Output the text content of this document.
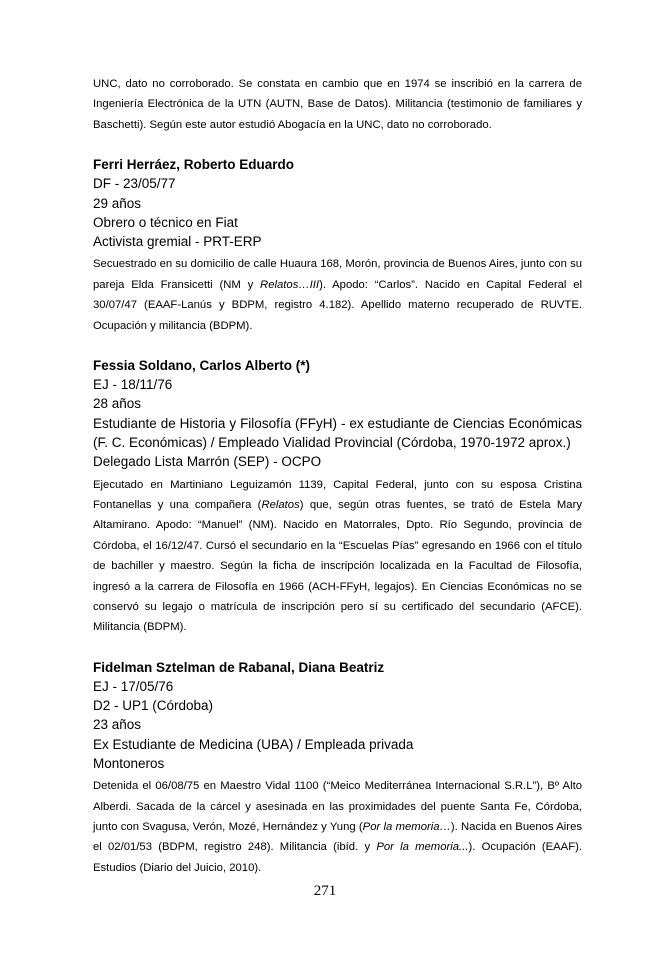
UNC, dato no corroborado. Se constata en cambio que en 1974 se inscribió en la carrera de Ingeniería Electrónica de la UTN (AUTN, Base de Datos). Militancia (testimonio de familiares y Baschetti). Según este autor estudió Abogacía en la UNC, dato no corroborado.

Ferri Herráez, Roberto Eduardo

DF - 23/05/77

29 años

Obrero o técnico en Fiat

Activista gremial - PRT-ERP

Secuestrado en su domicilio de calle Huaura 168, Morón, provincia de Buenos Aires, junto con su pareja Elda Fransicetti (NM y Relatos…III). Apodo: “Carlos”. Nacido en Capital Federal el 30/07/47 (EAAF-Lanús y BDPM, registro 4.182). Apellido materno recuperado de RUVTE. Ocupación y militancia (BDPM).

Fessia Soldano, Carlos Alberto (*)

EJ - 18/11/76

28 años

Estudiante de Historia y Filosofía (FFyH) - ex estudiante de Ciencias Económicas (F. C. Económicas) / Empleado Vialidad Provincial (Córdoba, 1970-1972 aprox.)

Delegado Lista Marrón (SEP) - OCPO

Ejecutado en Martiniano Leguizamón 1139, Capital Federal, junto con su esposa Cristina Fontanellas y una compañera (Relatos) que, según otras fuentes, se trató de Estela Mary Altamirano. Apodo: “Manuel” (NM). Nacido en Matorrales, Dpto. Río Segundo, provincia de Córdoba, el 16/12/47. Cursó el secundario en la “Escuelas Pías” egresando en 1966 con el título de bachiller y maestro. Según la ficha de inscripción localizada en la Facultad de Filosofía, ingresó a la carrera de Filosofía en 1966 (ACH-FFyH, legajos). En Ciencias Económicas no se conservó su legajo o matrícula de inscripción pero sí su certificado del secundario (AFCE). Militancia (BDPM).

Fidelman Sztelman de Rabanal, Diana Beatriz

EJ - 17/05/76

D2 - UP1 (Córdoba)

23 años

Ex Estudiante de Medicina (UBA) / Empleada privada

Montoneros

Detenida el 06/08/75 en Maestro Vidal 1100 (“Meico Mediterránea Internacional S.R.L”), Bº Alto Alberdi. Sacada de la cárcel y asesinada en las proximidades del puente Santa Fe, Córdoba, junto con Svagusa, Verón, Mozé, Hernández y Yung (Por la memoria…). Nacida en Buenos Aires el 02/01/53 (BDPM, registro 248). Militancia (ibíd. y Por la memoria...). Ocupación (EAAF). Estudios (Diario del Juicio, 2010).

271
